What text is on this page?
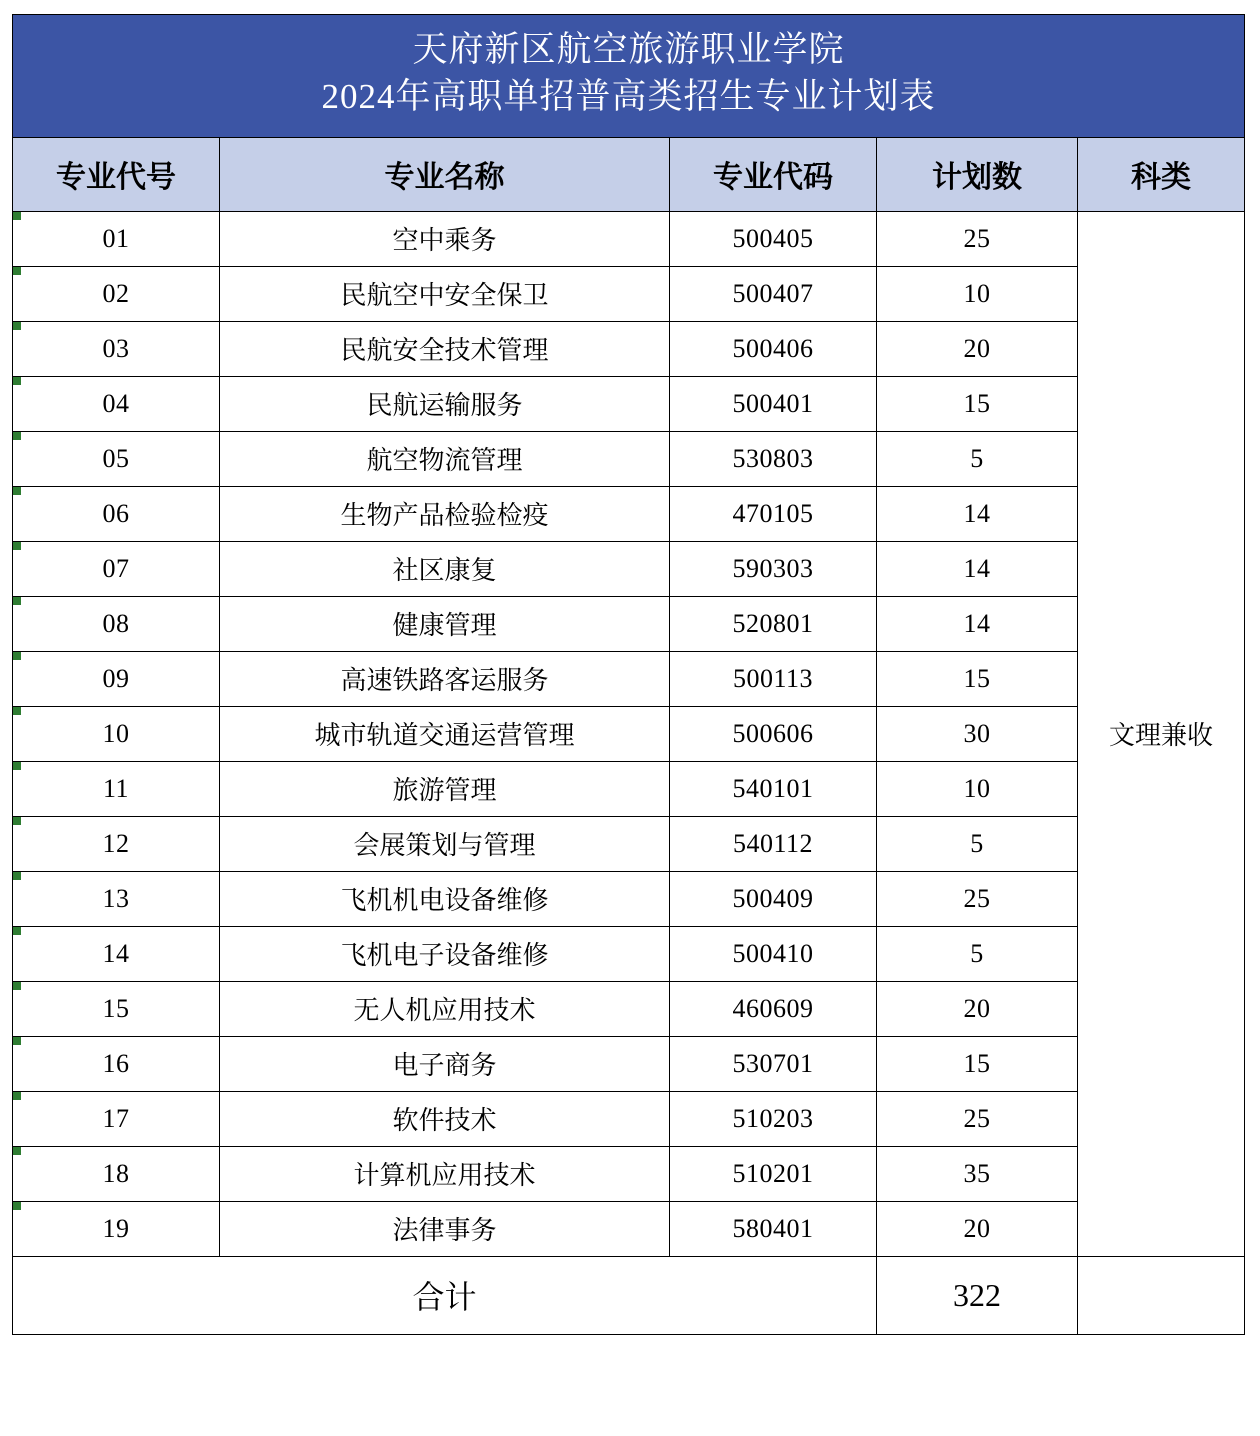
天府新区航空旅游职业学院
2024年高职单招普高类招生专业计划表				

专业代号	专业名称	专业代码	计划数	科类
01	空中乘务	500405	25	文理兼收
02	民航空中安全保卫	500407	10	
03	民航安全技术管理	500406	20	
04	民航运输服务	500401	15	
05	航空物流管理	530803	5	
06	生物产品检验检疫	470105	14	
07	社区康复	590303	14	
08	健康管理	520801	14	
09	高速铁路客运服务	500113	15	
10	城市轨道交通运营管理	500606	30	
11	旅游管理	540101	10	
12	会展策划与管理	540112	5	
13	飞机机电设备维修	500409	25	
14	飞机电子设备维修	500410	5	
15	无人机应用技术	460609	20	
16	电子商务	530701	15	
17	软件技术	510203	25	
18	计算机应用技术	510201	35	
19	法律事务	580401	20	
合计			322	
